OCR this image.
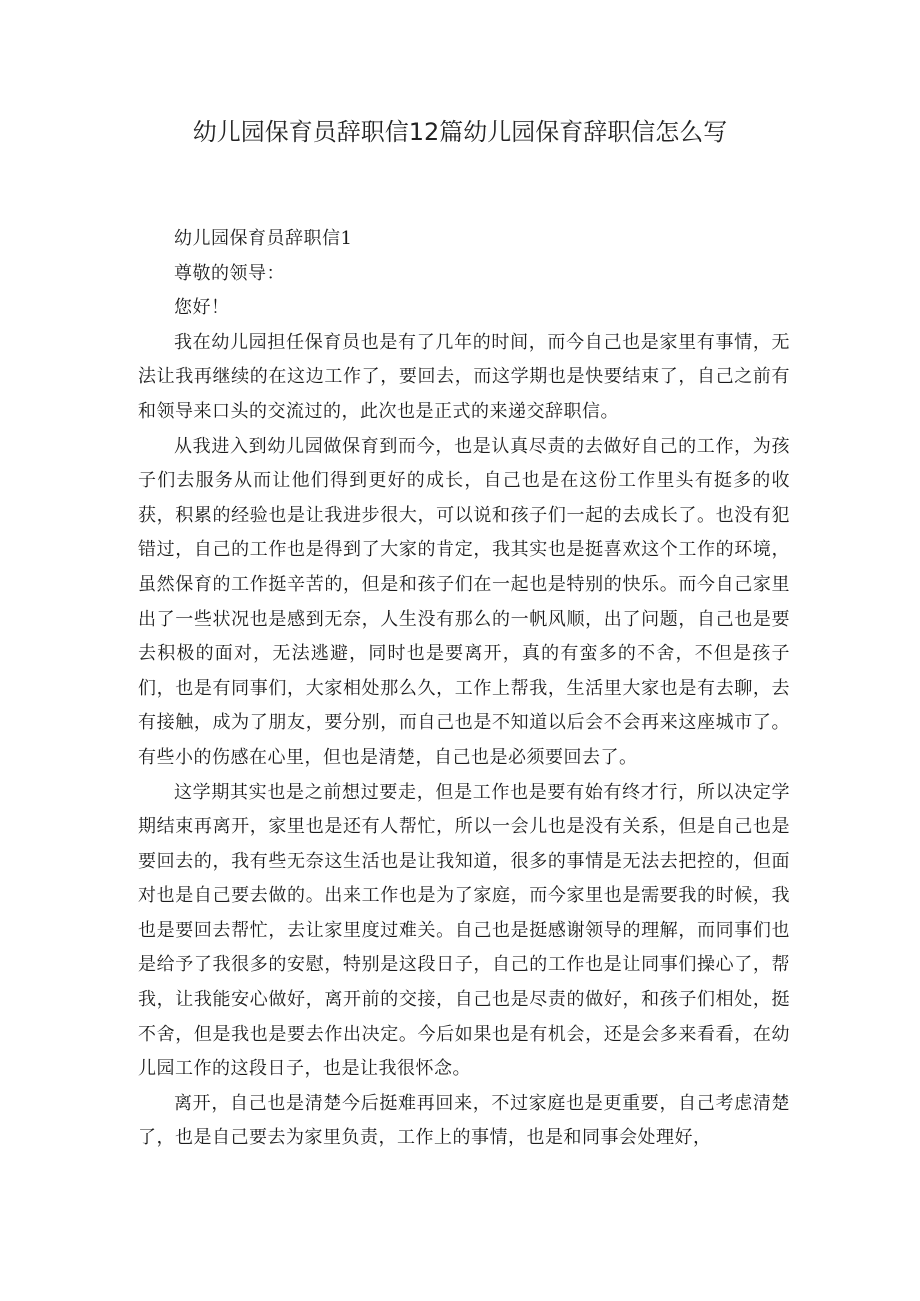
幼儿园保育员辞职信12篇幼儿园保育辞职信怎么写

幼儿园保育员辞职信1

尊敬的领导：

您好！

我在幼儿园担任保育员也是有了几年的时间，而今自己也是家里有事情，无法让我再继续的在这边工作了，要回去，而这学期也是快要结束了，自己之前有和领导来口头的交流过的，此次也是正式的来递交辞职信。

从我进入到幼儿园做保育到而今，也是认真尽责的去做好自己的工作，为孩子们去服务从而让他们得到更好的成长，自己也是在这份工作里头有挺多的收获，积累的经验也是让我进步很大，可以说和孩子们一起的去成长了。也没有犯错过，自己的工作也是得到了大家的肯定，我其实也是挺喜欢这个工作的环境，虽然保育的工作挺辛苦的，但是和孩子们在一起也是特别的快乐。而今自己家里出了一些状况也是感到无奈，人生没有那么的一帆风顺，出了问题，自己也是要去积极的面对，无法逃避，同时也是要离开，真的有蛮多的不舍，不但是孩子们，也是有同事们，大家相处那么久，工作上帮我，生活里大家也是有去聊，去有接触，成为了朋友，要分别，而自己也是不知道以后会不会再来这座城市了。有些小的伤感在心里，但也是清楚，自己也是必须要回去了。

这学期其实也是之前想过要走，但是工作也是要有始有终才行，所以决定学期结束再离开，家里也是还有人帮忙，所以一会儿也是没有关系，但是自己也是要回去的，我有些无奈这生活也是让我知道，很多的事情是无法去把控的，但面对也是自己要去做的。出来工作也是为了家庭，而今家里也是需要我的时候，我也是要回去帮忙，去让家里度过难关。自己也是挺感谢领导的理解，而同事们也是给予了我很多的安慰，特别是这段日子，自己的工作也是让同事们操心了，帮我，让我能安心做好，离开前的交接，自己也是尽责的做好，和孩子们相处，挺不舍，但是我也是要去作出决定。今后如果也是有机会，还是会多来看看，在幼儿园工作的这段日子，也是让我很怀念。

离开，自己也是清楚今后挺难再回来，不过家庭也是更重要，自己考虑清楚了，也是自己要去为家里负责，工作上的事情，也是和同事会处理好，
